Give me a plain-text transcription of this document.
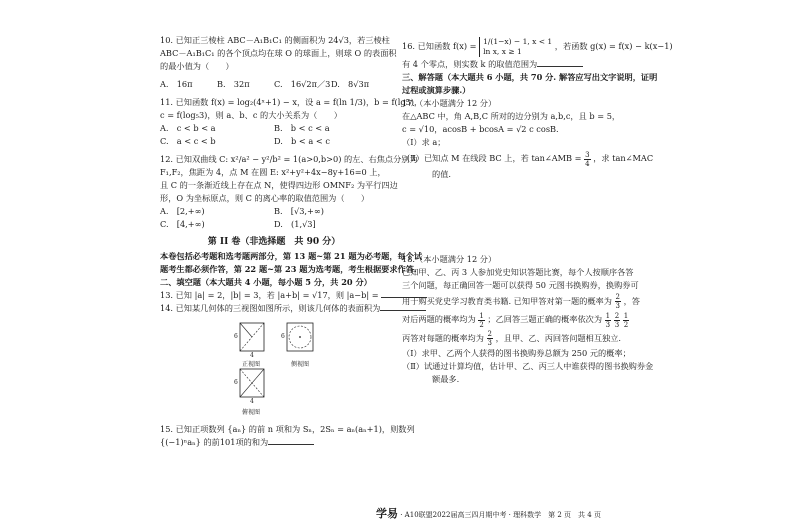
10. 已知正三棱柱 ABC－A₁B₁C₁ 的侧面积为 24√3，若三棱柱
ABC－A₁B₁C₁ 的各个顶点均在球 O 的球面上，则球 O 的表面积
的最小值为（　　）
A.　16π	B.　32π	C.　16√2π／3 D.　8√3π
11. 已知函数 f(x) = log₂(4ˣ+1) − x，设 a = f(ln 1/3)，b = f(lg5)，
c = f(log₅3)，则 a、b、c 的大小关系为（　　）
A.　c < b < a	B.　b < c < a
C.　a < c < b	D.　b < a < c
12. 已知双曲线 C: x²/a² − y²/b² = 1(a>0,b>0) 的左、右焦点分别为
F₁,F₂，焦距为 4，点 M 在圆 E: x²+y²+4x−8y+16=0 上，
且 C 的一条渐近线上存在点 N，使得四边形 OMNF₂ 为平行四边
形，O 为坐标原点，则 C 的离心率的取值范围为（　　）
A.　[2,+∞)	B.　[√3,+∞)
C.　[4,+∞)	D.　(1,√3]
第 II 卷（非选择题　共 90 分）
本卷包括必考题和选考题两部分，第 13 题~第 21 题为必考题，每个试
题考生都必须作答，第 22 题~第 23 题为选考题，考生根据要求作答.
二、填空题（本大题共 4 小题，每小题 5 分，共 20 分）
13. 已知 |a| = 2，|b| = 3，若 |a+b| = √17，则 |a−b| =
14. 已知某几何体的三视图如图所示，则该几何体的表面积为
6
4
6
正视图	侧视图
6
4
俯视图
15. 已知正项数列 {aₙ} 的前 n 项和为 Sₙ，2Sₙ = aₙ(aₙ+1)，则数列
{(−1)ⁿaₙ} 的前101项的和为
16. 已知函数 f(x) = 1/(1−x) − 1, x < 1
ln x, x ≥ 1
，若函数 g(x) = f(x) − k(x−1)
有 4 个零点，则实数 k 的取值范围为
三、解答题（本大题共 6 小题，共 70 分. 解答应写出文字说明，证明
过程或演算步骤.）
17.（本小题满分 12 分）
在△ABC 中，角 A,B,C 所对的边分别为 a,b,c，且 b = 5，
c = √10，acosB + bcosA = √2 c cosB.
（Ⅰ）求 a；
（Ⅱ）已知点 M 在线段 BC 上，若 tan∠AMB = $\frac{3}{4}$ ，求 tan∠MAC
的值.
18.（本小题满分 12 分）
已知甲、乙、丙 3 人参加党史知识答题比赛，每个人按顺序各答
三个问题，每正确回答一题可以获得 50 元图书换购券，换购券可
用于购买党史学习教育类书籍. 已知甲答对第一题的概率为 $\frac{2}{3}$ ，答
对后两题的概率均为 $\frac{1}{2}$ ；乙回答三题正确的概率依次为 $\frac{1}{3}$
$\frac{2}{3}$
$\frac{1}{2}$
丙答对每题的概率均为 $\frac{2}{3}$ ，且甲、乙、丙回答问题相互独立.
（Ⅰ）求甲、乙两个人获得的图书换购券总额为 250 元的概率；
（Ⅱ）试通过计算均值，估计甲、乙、丙三人中谁获得的图书换购券金
额最多.
学易 · A10联盟2022届高三四月期中考 · 理科数学　第 2 页　共 4 页
